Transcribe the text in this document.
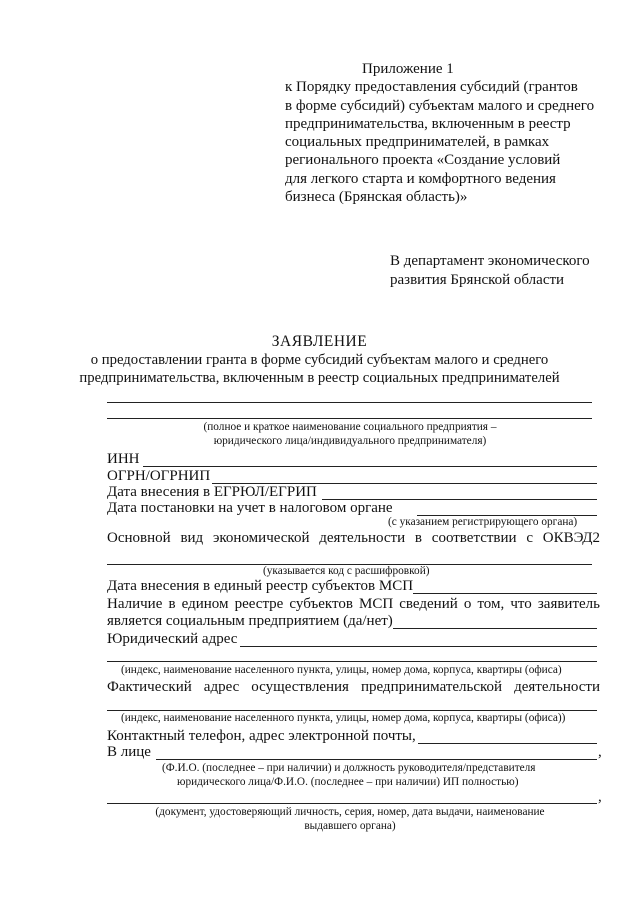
Приложение 1
к Порядку предоставления субсидий (грантов
в форме субсидий) субъектам малого и среднего
предпринимательства, включенным в реестр
социальных предпринимателей, в рамках
регионального проекта «Создание условий
для легкого старта и комфортного ведения
бизнеса (Брянская область)»
В департамент экономического
развития Брянской области
ЗАЯВЛЕНИЕ
о предоставлении гранта в форме субсидий субъектам малого и среднего
предпринимательства, включенным в реестр социальных предпринимателей
(полное и краткое наименование социального предприятия –
юридического лица/индивидуального предпринимателя)
ИНН
ОГРН/ОГРНИП
Дата внесения в ЕГРЮЛ/ЕГРИП
Дата постановки на учет в налоговом органе
(с указанием регистрирующего органа)
Основной вид экономической деятельности в соответствии с ОКВЭД2
(указывается код с расшифровкой)
Дата внесения в единый реестр субъектов МСП
Наличие в едином реестре субъектов МСП сведений о том, что заявитель
является социальным предприятием (да/нет)
Юридический адрес
(индекс, наименование населенного пункта, улицы, номер дома, корпуса, квартиры (офиса)
Фактический адрес осуществления предпринимательской деятельности
(индекс, наименование населенного пункта, улицы, номер дома, корпуса, квартиры (офиса))
Контактный телефон, адрес электронной почты,
В лице	,
(Ф.И.О. (последнее – при наличии) и должность руководителя/представителя
юридического лица/Ф.И.О. (последнее – при наличии) ИП полностью)
,
(документ, удостоверяющий личность, серия, номер, дата выдачи, наименование
выдавшего органа)
